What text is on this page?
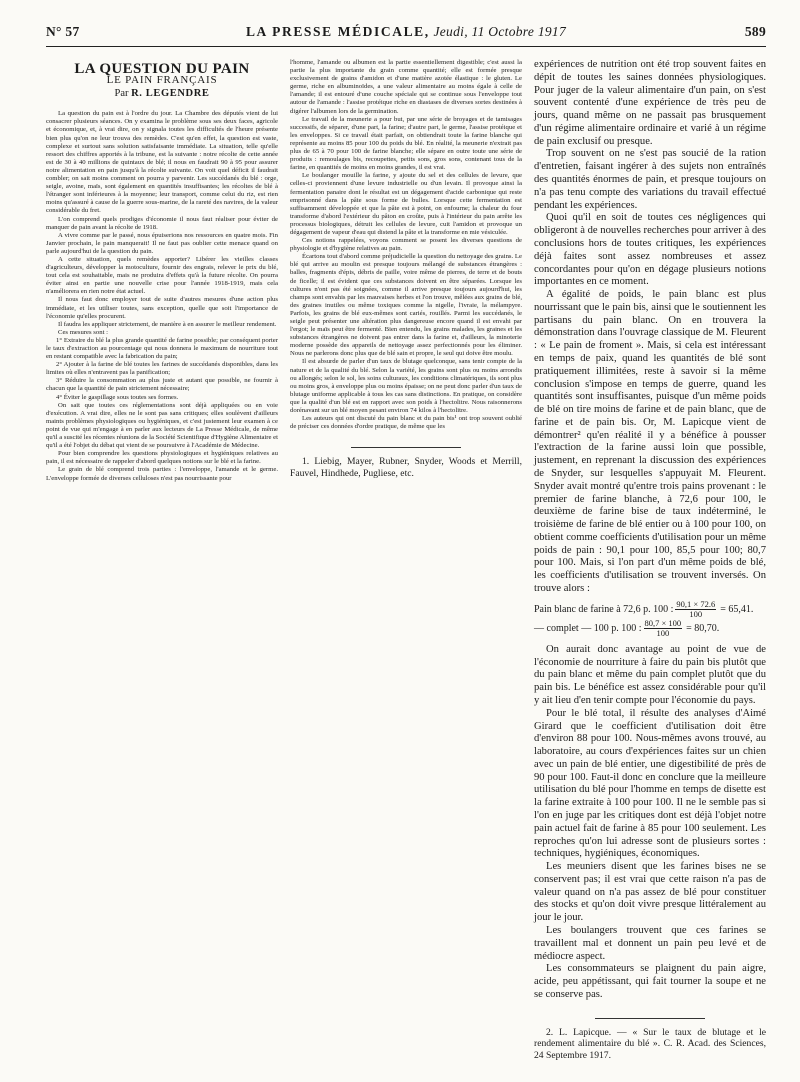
N° 57	LA PRESSE MÉDICALE, Jeudi, 11 Octobre 1917	589
LA QUESTION DU PAIN
LE PAIN FRANÇAIS
Par R. LEGENDRE

La question du pain est à l'ordre du jour. La Chambre des députés vient de lui consacrer plusieurs séances. On y examina le problème sous ses deux faces, agricole et économique, et, à vrai dire, on y signala toutes les difficultés de l'heure présente bien plus qu'on ne leur trouva des remèdes. C'est qu'en effet, la question est vaste, complexe et surtout sans solution satisfaisante immédiate. La situation, telle qu'elle ressort des chiffres apportés à la tribune, est la suivante : notre récolte de cette année est de 30 à 40 millions de quintaux de blé; il nous en faudrait 90 à 95 pour assurer notre alimentation en pain jusqu'à la récolte suivante. On voit quel déficit il faudrait combler; on sait moins comment on pourra y parvenir. Les succédanés du blé : orge, seigle, avoine, maïs, sont également en quantités insuffisantes; les récoltes de blé à l'étranger sont inférieures à la moyenne; leur transport, comme celui du riz, est rien moins qu'assuré à cause de la guerre sous-marine, de la rareté des navires, de la valeur considérable du fret.

L'on comprend quels prodiges d'économie il nous faut réaliser pour éviter de manquer de pain avant la récolte de 1918.

A vivre comme par le passé, nous épuiserions nos ressources en quatre mois. Fin Janvier prochain, le pain manquerait! Il ne faut pas oublier cette menace quand on parle aujourd'hui de la question du pain.

A cette situation, quels remèdes apporter? Libérer les vieilles classes d'agriculteurs, développer la motoculture, fournir des engrais, relever le prix du blé, tout cela est souhaitable, mais ne produira d'effets qu'à la future récolte. On pourra éviter ainsi en partie une nouvelle crise pour l'année 1918-1919, mais cela n'améliorera en rien notre état actuel.

Il nous faut donc employer tout de suite d'autres mesures d'une action plus immédiate, et les utiliser toutes, sans exception, quelle que soit l'importance de l'économie qu'elles procurent.

Il faudra les appliquer strictement, de manière à en assurer le meilleur rendement.

Ces mesures sont :

1° Extraire du blé la plus grande quantité de farine possible; par conséquent porter le taux d'extraction au pourcentage qui nous donnera le maximum de nourriture tout en restant compatible avec la fabrication du pain;

2° Ajouter à la farine de blé toutes les farines de succédanés disponibles, dans les limites où elles n'entravent pas la panification;

3° Réduire la consommation au plus juste et autant que possible, ne fournir à chacun que la quantité de pain strictement nécessaire;

4° Éviter le gaspillage sous toutes ses formes.

On sait que toutes ces réglementations sont déjà appliquées ou en voie d'exécution. A vrai dire, elles ne le sont pas sans critiques; elles soulèvent d'ailleurs maints problèmes physiologiques ou hygiéniques, et c'est justement leur examen à ce point de vue qui m'engage à en parler aux lecteurs de La Presse Médicale, de même qu'il a suscité les récentes réunions de la Société Scientifique d'Hygiène Alimentaire et qu'il a été l'objet du débat qui vient de se poursuivre à l'Académie de Médecine.

Pour bien comprendre les questions physiologiques et hygiéniques relatives au pain, il est nécessaire de rappeler d'abord quelques notions sur le blé et la farine.

Le grain de blé comprend trois parties : l'enveloppe, l'amande et le germe. L'enveloppe formée de diverses celluloses n'est pas nourrissante pour

l'homme, l'amande ou albumen est la partie essentiellement digestible; c'est aussi la partie la plus importante du grain comme quantité; elle est formée presque exclusivement de grains d'amidon et d'une matière azotée élastique : le gluten. Le germe, riche en albuminoïdes, a une valeur alimentaire au moins égale à celle de l'amande; il est entouré d'une couche spéciale qui se continue sous l'enveloppe tout autour de l'amande : l'assise protéique riche en diastases de diverses sortes destinées à digérer l'albumen lors de la germination.

Le travail de la meunerie a pour but, par une série de broyages et de tamisages successifs, de séparer, d'une part, la farine; d'autre part, le germe, l'assise protéique et les enveloppes. Si ce travail était parfait, on obtiendrait toute la farine blanche qui représente au moins 85 pour 100 du poids du blé. En réalité, la meunerie n'extrait pas plus de 65 à 70 pour 100 de farine blanche; elle sépare en outre toute une série de produits : remoulages bis, recoupettes, petits sons, gros sons, contenant tous de la farine, en quantités de moins en moins grandes, il est vrai.

Le boulanger mouille la farine, y ajoute du sel et des cellules de levure, que celles-ci proviennent d'une levure industrielle ou d'un levain. Il provoque ainsi la fermentation panaire dont le résultat est un dégagement d'acide carbonique qui reste emprisonné dans la pâte sous forme de bulles. Lorsque cette fermentation est suffisamment développée et que la pâte est à point, on enfourne; la chaleur du four transforme d'abord l'extérieur du pâton en croûte, puis à l'intérieur du pain arrête les processus biologiques, détruit les cellules de levure, cuit l'amidon et provoque un dégagement de vapeur d'eau qui distend la pâte et la transforme en mie vésiculée.

Ces notions rappelées, voyons comment se posent les diverses questions de physiologie et d'hygiène relatives au pain.

Écartons tout d'abord comme préjudicielle la question du nettoyage des grains. Le blé qui arrive au moulin est presque toujours mélangé de substances étrangères : balles, fragments d'épis, débris de paille, voire même de pierres, de terre et de bouts de ficelle; il est évident que ces substances doivent en être séparées. Lorsque les cultures n'ont pas été soignées, comme il arrive presque toujours aujourd'hui, les champs sont envahis par les mauvaises herbes et l'on trouve, mêlées aux grains de blé, des graines inutiles ou même toxiques comme la nigelle, l'ivraie, la mélampyre. Parfois, les grains de blé eux-mêmes sont cariés, rouillés. Parmi les succédanés, le seigle peut présenter une altération plus dangereuse encore quand il est envahi par l'ergot; le maïs peut être fermenté. Bien entendu, les grains malades, les graines et les substances étrangères ne doivent pas entrer dans la farine et, d'ailleurs, la minoterie moderne possède des appareils de nettoyage assez perfectionnés pour les éliminer. Nous ne parlerons donc plus que de blé sain et propre, le seul qui doive être moulu.

Il est absurde de parler d'un taux de blutage quelconque, sans tenir compte de la nature et de la qualité du blé. Selon la variété, les grains sont plus ou moins arrondis ou allongés; selon le sol, les soins culturaux, les conditions climatériques, ils sont plus ou moins gros, à enveloppe plus ou moins épaisse; on ne peut donc parler d'un taux de blutage uniforme applicable à tous les cas sans distinctions. En pratique, on considère que la qualité d'un blé est en rapport avec son poids à l'hectolitre. Nous raisonnerons dorénavant sur un blé moyen pesant environ 74 kilos à l'hectolitre.

Les auteurs qui ont discuté du pain blanc et du pain bis¹ ont trop souvent oublié de préciser ces données d'ordre pratique, de même que les

1. Liebig, Mayer, Rubner, Snyder, Woods et Merrill, Fauvel, Hindhede, Pugliese, etc.

expériences de nutrition ont été trop souvent faites en dépit de toutes les saines données physiologiques. Pour juger de la valeur alimentaire d'un pain, on s'est souvent contenté d'une expérience de très peu de jours, quand même on ne passait pas brusquement d'un régime alimentaire ordinaire et varié à un régime de pain exclusif ou presque.

Trop souvent on ne s'est pas soucié de la ration d'entretien, faisant ingérer à des sujets non entraînés des quantités énormes de pain, et presque toujours on n'a pas tenu compte des variations du travail effectué pendant les expériences.

Quoi qu'il en soit de toutes ces négligences qui obligeront à de nouvelles recherches pour arriver à des conclusions hors de toutes critiques, les expériences déjà faites sont assez nombreuses et assez concordantes pour qu'on en dégage plusieurs notions importantes en ce moment.

A égalité de poids, le pain blanc est plus nourrissant que le pain bis, ainsi que le soutiennent les partisans du pain blanc. On en trouvera la démonstration dans l'ouvrage classique de M. Fleurent : « Le pain de froment ». Mais, si cela est intéressant en temps de paix, quand les quantités de blé sont pratiquement illimitées, reste à savoir si la même conclusion s'impose en temps de guerre, quand les quantités sont insuffisantes, puisque d'un même poids de blé on tire moins de farine et de pain blanc, que de farine et de pain bis. Or, M. Lapicque vient de démontrer² qu'en réalité il y a bénéfice à pousser l'extraction de la farine aussi loin que possible, justement, en reprenant la discussion des expériences de Snyder, sur lesquelles s'appuyait M. Fleurent. Snyder avait montré qu'entre trois pains provenant : le premier de farine blanche, à 72,6 pour 100, le deuxième de farine bise de taux indéterminé, le troisième de farine de blé entier ou à 100 pour 100, on obtient comme coefficients d'utilisation pour un même poids de pain : 90,1 pour 100, 85,5 pour 100; 80,7 pour 100. Mais, si l'on part d'un même poids de blé, les coefficients d'utilisation se trouvent inversés. On trouve alors :

Pain blanc de farine à 72,6 p. 100 : $\frac{90,1 \times 72.6}{100} = 65,41$.
— complet — 100 p. 100 : $\frac{80,7 \times 100}{100} = 80,70$.

On aurait donc avantage au point de vue de l'économie de nourriture à faire du pain bis plutôt que du pain blanc et même du pain complet plutôt que du pain bis. Le bénéfice est assez considérable pour qu'il y ait lieu d'en tenir compte pour l'économie du pays.

Pour le blé total, il résulte des analyses d'Aimé Girard que le coefficient d'utilisation doit être d'environ 88 pour 100. Nous-mêmes avons trouvé, au laboratoire, au cours d'expériences faites sur un chien avec un pain de blé entier, une digestibilité de près de 90 pour 100. Faut-il donc en conclure que la meilleure utilisation du blé pour l'homme en temps de disette est la farine extraite à 100 pour 100. Il ne le semble pas si l'on en juge par les critiques dont est déjà l'objet notre pain actuel fait de farine à 85 pour 100 seulement. Les reproches qu'on lui adresse sont de plusieurs sortes : techniques, hygiéniques, économiques.

Les meuniers disent que les farines bises ne se conservent pas; il est vrai que cette raison n'a pas de valeur quand on n'a pas assez de blé pour constituer des stocks et qu'on doit vivre presque littéralement au jour le jour.

Les boulangers trouvent que ces farines se travaillent mal et donnent un pain peu levé et de médiocre aspect.

Les consommateurs se plaignent du pain aigre, acide, peu appétissant, qui fait tourner la soupe et ne se conserve pas.

2. L. Lapicque. — « Sur le taux de blutage et le rendement alimentaire du blé ». C. R. Acad. des Sciences, 24 Septembre 1917.
